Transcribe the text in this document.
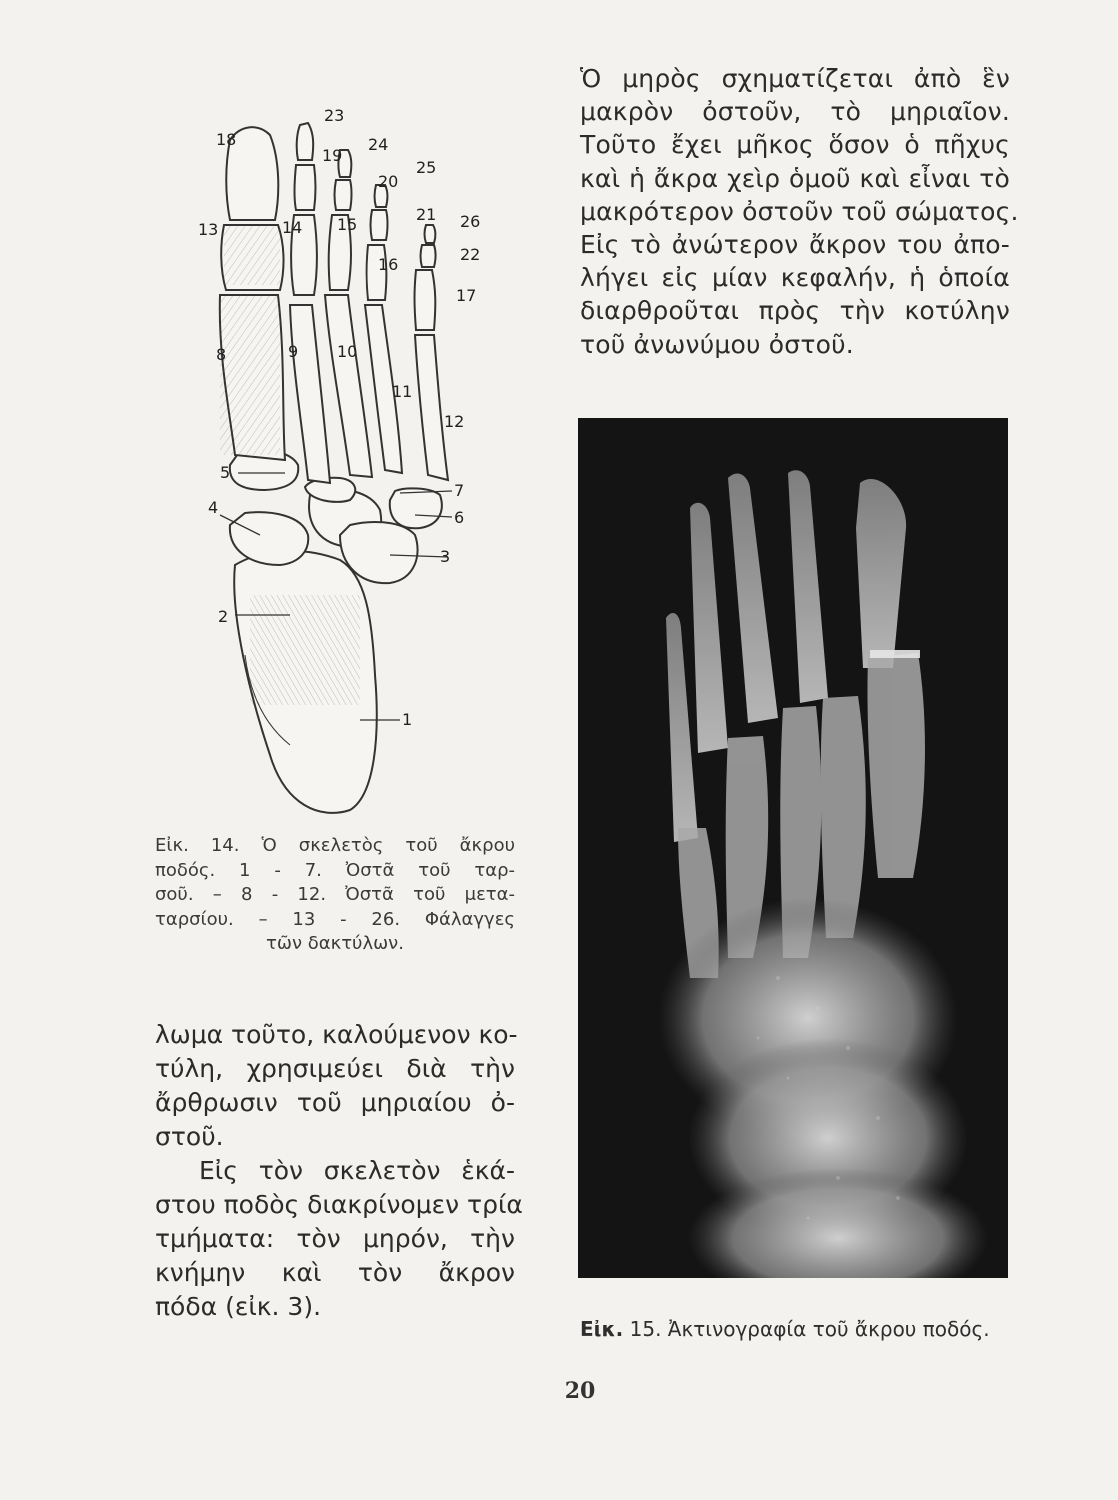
Ὁ μηρὸς σχηματίζεται ἀπὸ ἓν
μακρὸν ὀστοῦν, τὸ μηριαῖον.
Τοῦτο ἔχει μῆκος ὅσον ὁ πῆχυς
καὶ ἡ ἄκρα χεὶρ ὁμοῦ καὶ εἶναι τὸ
μακρότερον ὀστοῦν τοῦ σώματος.
Εἰς τὸ ἀνώτερον ἄκρον του ἀπο-
λήγει εἰς μίαν κεφαλήν, ἡ ὁποία
διαρθροῦται πρὸς τὴν κοτύλην
τοῦ ἀνωνύμου ὀστοῦ.
1
2
3
4
5
6
7
8	9 10
11
12
13	14 15
16
17
18
19
20
21
22
23
24
25
26
Εἰκ. 14. Ὁ σκελετὸς τοῦ ἄκρου
ποδός. 1 - 7. Ὀστᾶ τοῦ ταρ-
σοῦ. – 8 - 12. Ὀστᾶ τοῦ μετα-
ταρσίου. – 13 - 26. Φάλαγγες
τῶν δακτύλων.
λωμα τοῦτο, καλούμενον κο-
τύλη, χρησιμεύει διὰ τὴν
ἄρθρωσιν τοῦ μηριαίου ὀ-
στοῦ.
Εἰς τὸν σκελετὸν ἑκά-
στου ποδὸς διακρίνομεν τρία
τμήματα: τὸν μηρόν, τὴν
κνήμην καὶ τὸν ἄκρον
πόδα (εἰκ. 3).
Εἰκ. 15. Ἀκτινογραφία τοῦ ἄκρου ποδός.
20
